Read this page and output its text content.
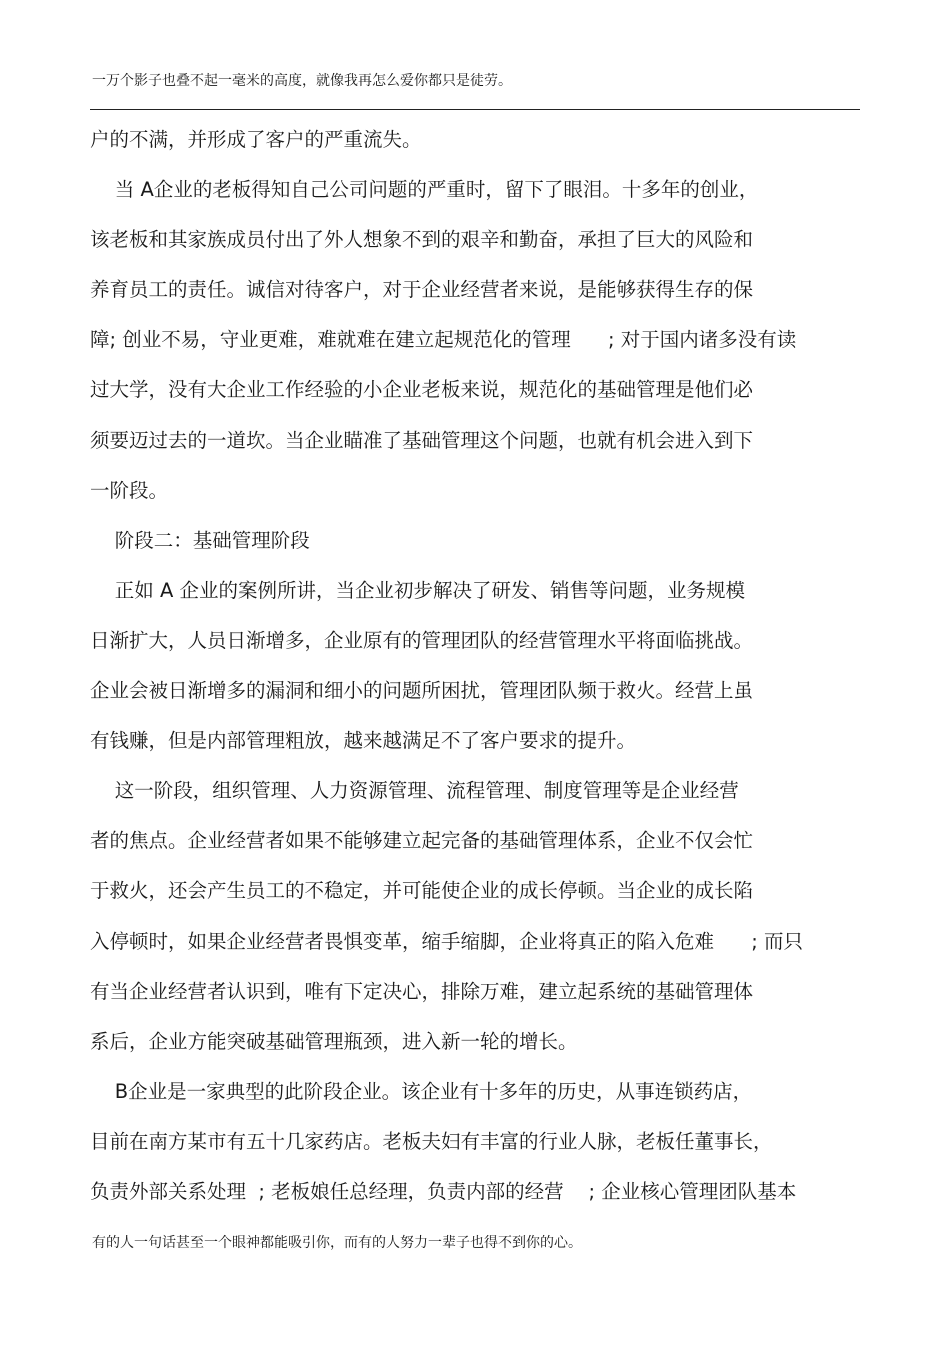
一万个影子也叠不起一毫米的高度，就像我再怎么爱你都只是徒劳。
户的不满，并形成了客户的严重流失。
当 A企业的老板得知自己公司问题的严重时，留下了眼泪。十多年的创业，
该老板和其家族成员付出了外人想象不到的艰辛和勤奋，承担了巨大的风险和
养育员工的责任。诚信对待客户，对于企业经营者来说，是能够获得生存的保
障; 创业不易，守业更难，难就难在建立起规范化的管理      ; 对于国内诸多没有读
过大学，没有大企业工作经验的小企业老板来说，规范化的基础管理是他们必
须要迈过去的一道坎。当企业瞄准了基础管理这个问题，也就有机会进入到下
一阶段。
阶段二：基础管理阶段
正如 A 企业的案例所讲，当企业初步解决了研发、销售等问题，业务规模
日渐扩大，人员日渐增多，企业原有的管理团队的经营管理水平将面临挑战。
企业会被日渐增多的漏洞和细小的问题所困扰，管理团队频于救火。经营上虽
有钱赚，但是内部管理粗放，越来越满足不了客户要求的提升。
这一阶段，组织管理、人力资源管理、流程管理、制度管理等是企业经营
者的焦点。企业经营者如果不能够建立起完备的基础管理体系，企业不仅会忙
于救火，还会产生员工的不稳定，并可能使企业的成长停顿。当企业的成长陷
入停顿时，如果企业经营者畏惧变革，缩手缩脚，企业将真正的陷入危难      ; 而只
有当企业经营者认识到，唯有下定决心，排除万难，建立起系统的基础管理体
系后，企业方能突破基础管理瓶颈，进入新一轮的增长。
B企业是一家典型的此阶段企业。该企业有十多年的历史，从事连锁药店，
目前在南方某市有五十几家药店。老板夫妇有丰富的行业人脉，老板任董事长，
负责外部关系处理  ; 老板娘任总经理，负责内部的经营    ; 企业核心管理团队基本
有的人一句话甚至一个眼神都能吸引你，而有的人努力一辈子也得不到你的心。
